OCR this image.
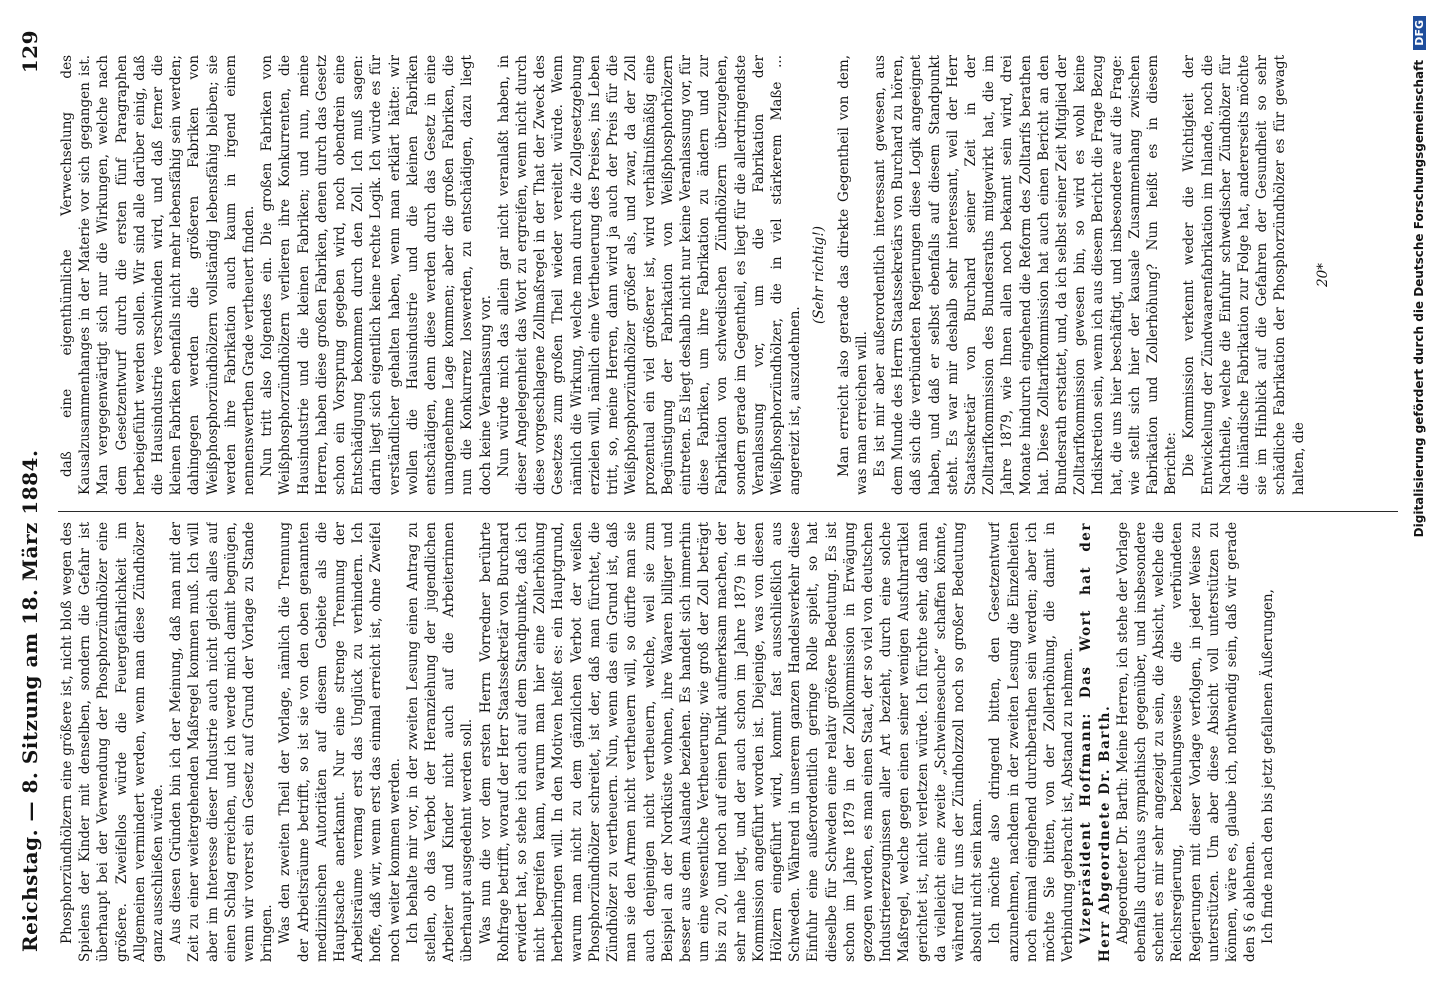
Reichstag. — 8. Sitzung am 18. März 1884.
129

Phosphorzündhölzern eine größere ist, nicht bloß wegen des Spielens der Kinder mit denselben, sondern die Gefahr ist überhaupt bei der Verwendung der Phosphorzündhölzer eine größere. Zweifellos würde die Feuergefährlichkeit im Allgemeinen vermindert werden, wenn man diese Zündhölzer ganz ausschließen würde. Aus diesen Gründen bin ich der Meinung, daß man mit der Zeit zu einer weitergehenden Maßregel kommen muß. Ich will aber im Interesse dieser Industrie auch nicht gleich alles auf einen Schlag erreichen, und ich werde mich damit begnügen, wenn wir vorerst ein Gesetz auf Grund der Vorlage zu Stande bringen. Was den zweiten Theil der Vorlage, nämlich die Trennung der Arbeitsräume betrifft, so ist sie von den oben genannten medizinischen Autoritäten auf diesem Gebiete als die Hauptsache anerkannt. Nur eine strenge Trennung der Arbeitsräume vermag erst das Unglück zu verhindern. Ich hoffe, daß wir, wenn erst das einmal erreicht ist, ohne Zweifel noch weiter kommen werden. Ich behalte mir vor, in der zweiten Lesung einen Antrag zu stellen, ob das Verbot der Heranziehung der jugendlichen Arbeiter und Kinder nicht auch auf die Arbeiterinnen überhaupt ausgedehnt werden soll. Was nun die vor dem ersten Herrn Vorredner berührte Rohfrage betrifft, worauf der Herr Staatssekretär von Burchard erwidert hat, so stehe ich auch auf dem Standpunkte, daß ich nicht begreifen kann, warum man hier eine Zollerhöhung herbeibringen will. In den Motiven heißt es: ein Hauptgrund, warum man nicht zu dem gänzlichen Verbot der weißen Phosphorzündhölzer schreitet, ist der, daß man fürchtet, die Zündhölzer zu vertheuern. Nun, wenn das ein Grund ist, daß man sie den Armen nicht vertheuern will, so dürfte man sie auch denjenigen nicht vertheuern, welche, weil sie zum Beispiel an der Nordküste wohnen, ihre Waaren billiger und besser aus dem Auslande beziehen. Es handelt sich immerhin um eine wesentliche Vertheuerung; wie groß der Zoll beträgt bis zu 20, und noch auf einen Punkt aufmerksam machen, der sehr nahe liegt, und der auch schon im Jahre 1879 in der Kommission angeführt worden ist. Diejenige, was von diesen Hölzern eingeführt wird, kommt fast ausschließlich aus Schweden. Während in unserem ganzen Handelsverkehr diese Einfuhr eine außerordentlich geringe Rolle spielt, so hat dieselbe für Schweden eine relativ größere Bedeutung. Es ist schon im Jahre 1879 in der Zollkommission in Erwägung gezogen worden, es man einen Staat, der so viel von deutschen Industrieerzeugnissen aller Art bezieht, durch eine solche Maßregel, welche gegen einen seiner wenigen Ausfuhrartikel gerichtet ist, nicht verletzen würde. Ich fürchte sehr, daß man da vielleicht eine zweite „Schweineseuche“ schaffen könnte, während für uns der Zündholzzoll noch so großer Bedeutung absolut nicht sein kann. Ich möchte also dringend bitten, den Gesetzentwurf anzunehmen, nachdem in der zweiten Lesung die Einzelheiten noch einmal eingehend durchberathen sein werden; aber ich möchte Sie bitten, von der Zollerhöhung, die damit in Verbindung gebracht ist, Abstand zu nehmen. Vizepräsident Hoffmann: Das Wort hat der Herr Abgeordnete Dr. Barth. Abgeordneter Dr. Barth: Meine Herren, ich stehe der Vorlage ebenfalls durchaus sympathisch gegenüber, und insbesondere scheint es mir sehr angezeigt zu sein, die Absicht, welche die Reichsregierung, beziehungsweise die verbündeten Regierungen mit dieser Vorlage verfolgen, in jeder Weise zu unterstützen. Um aber diese Absicht voll unterstützen zu können, wäre es, glaube ich, nothwendig sein, daß wir gerade den § 6 ablehnen. Ich finde nach den bis jetzt gefallenen Äußerungen,

daß eine eigenthümliche Verwechselung des Kausalzusammenhanges in der Materie vor sich gegangen ist. Man vergegenwärtigt sich nur die Wirkungen, welche nach dem Gesetzentwurf durch die ersten fünf Paragraphen herbeigeführt werden sollen. Wir sind alle darüber einig, daß die Hausindustrie verschwinden wird, und daß ferner die kleinen Fabriken ebenfalls nicht mehr lebensfähig sein werden; dahingegen werden die größeren Fabriken von Weißphosphorzündhölzern vollständig lebensfähig bleiben; sie werden ihre Fabrikation auch kaum in irgend einem nennenswerthen Grade vertheuert finden. Nun tritt also folgendes ein. Die großen Fabriken von Weißphosphorzündhölzern verlieren ihre Konkurrenten, die Hausindustrie und die kleinen Fabriken; und nun, meine Herren, haben diese großen Fabriken, denen durch das Gesetz schon ein Vorsprung gegeben wird, noch obendrein eine Entschädigung bekommen durch den Zoll. Ich muß sagen: darin liegt sich eigentlich keine rechte Logik. Ich würde es für verständlicher gehalten haben, wenn man erklärt hätte: wir wollen die Hausindustrie und die kleinen Fabriken entschädigen, denn diese werden durch das Gesetz in eine unangenehme Lage kommen; aber die großen Fabriken, die nun die Konkurrenz loswerden, zu entschädigen, dazu liegt doch keine Veranlassung vor. Nun würde mich das allein gar nicht veranlaßt haben, in dieser Angelegenheit das Wort zu ergreifen, wenn nicht durch diese vorgeschlagene Zollmaßregel in der That der Zweck des Gesetzes zum großen Theil wieder vereitelt würde. Wenn nämlich die Wirkung, welche man durch die Zollgesetzgebung erzielen will, nämlich eine Vertheuerung des Preises, ins Leben tritt, so, meine Herren, dann wird ja auch der Preis für die Weißphosphorzündhölzer größer als, und zwar, da der Zoll prozentual ein viel größerer ist, wird verhältnißmäßig eine Begünstigung der Fabrikation von Weißphosphorhölzern eintreten. Es liegt deshalb nicht nur keine Veranlassung vor, für diese Fabriken, um ihre Fabrikation zu ändern und zur Fabrikation von schwedischen Zündhölzern überzugehen, sondern gerade im Gegentheil, es liegt für die allerdringendste Veranlassung vor, um die Fabrikation der Weißphosphorzündhölzer, die in viel stärkerem Maße ... angereizt ist, auszudehnen.

(Sehr richtig!) Man erreicht also gerade das direkte Gegentheil von dem, was man erreichen will. Es ist mir aber außerordentlich interessant gewesen, aus dem Munde des Herrn Staatssekretärs von Burchard zu hören, daß sich die verbündeten Regierungen diese Logik angeeignet haben, und daß er selbst ebenfalls auf diesem Standpunkt steht. Es war mir deshalb sehr interessant, weil der Herr Staatssekretär von Burchard seiner Zeit in der Zolltarifkommission des Bundesraths mitgewirkt hat, die im Jahre 1879, wie Ihnen allen noch bekannt sein wird, drei Monate hindurch eingehend die Reform des Zolltarifs berathen hat. Diese Zolltarifkommission hat auch einen Bericht an den Bundesrath erstattet, und, da ich selbst seiner Zeit Mitglied der Zolltarifkommission gewesen bin, so wird es wohl keine Indiskretion sein, wenn ich aus diesem Bericht die Frage Bezug hat, die uns hier beschäftigt, und insbesondere auf die Frage: wie stellt sich hier der kausale Zusammenhang zwischen Fabrikation und Zollerhöhung? Nun heißt es in diesem Berichte: Die Kommission verkennt weder die Wichtigkeit der Entwickelung der Zündwaarenfabrikation im Inlande, noch die Nachtheile, welche die Einfuhr schwedischer Zündhölzer für die inländische Fabrikation zur Folge hat, andererseits möchte sie im Hinblick auf die Gefahren der Gesundheit so sehr schädliche Fabrikation der Phosphorzündhölzer es für gewagt halten, die

20*	Digitalisierung gefördert durch die Deutsche Forschungsgemeinschaft DFG
